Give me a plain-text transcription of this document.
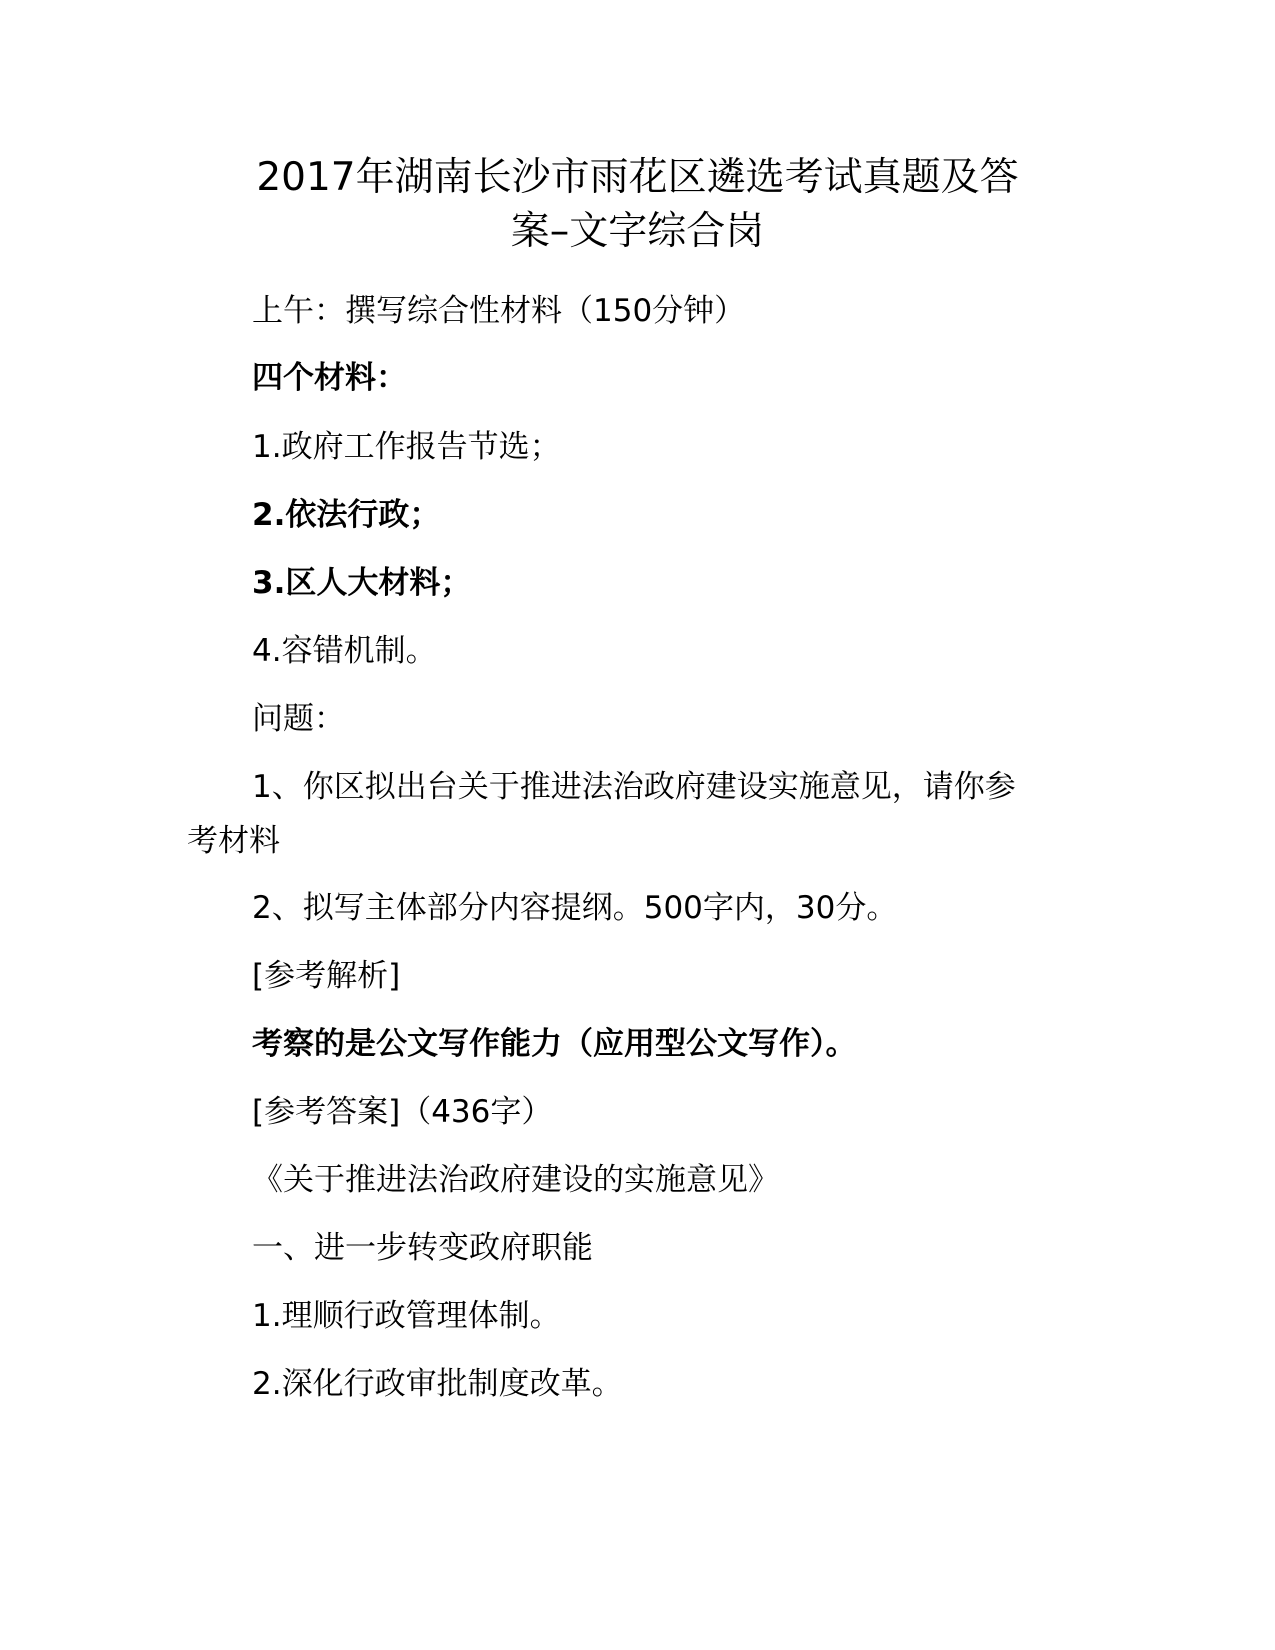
2017年湖南长沙市雨花区遴选考试真题及答
案–文字综合岗
上午：撰写综合性材料（150分钟）
四个材料：
1.政府工作报告节选；
2.依法行政；
3.区人大材料；
4.容错机制。
问题：
1、你区拟出台关于推进法治政府建设实施意见，请你参
考材料
2、拟写主体部分内容提纲。500字内，30分。
[参考解析]
考察的是公文写作能力（应用型公文写作）。
[参考答案]（436字）
《关于推进法治政府建设的实施意见》
一、进一步转变政府职能
1.理顺行政管理体制。
2.深化行政审批制度改革。
